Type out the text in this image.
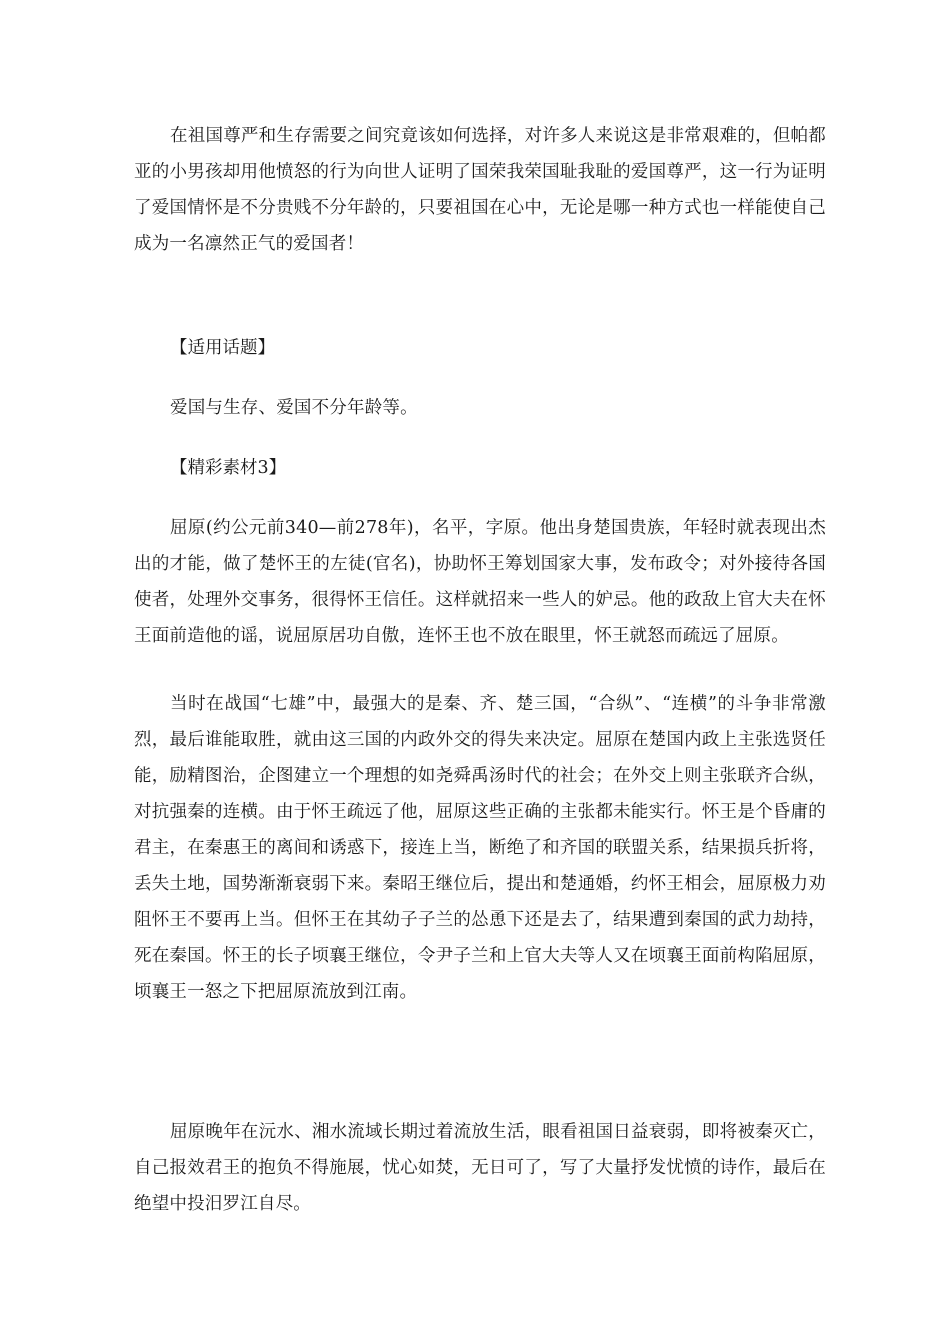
在祖国尊严和生存需要之间究竟该如何选择，对许多人来说这是非常艰难的，但帕都亚的小男孩却用他愤怒的行为向世人证明了国荣我荣国耻我耻的爱国尊严，这一行为证明了爱国情怀是不分贵贱不分年龄的，只要祖国在心中，无论是哪一种方式也一样能使自己成为一名凛然正气的爱国者！

【适用话题】

爱国与生存、爱国不分年龄等。

【精彩素材3】

屈原(约公元前340—前278年)，名平，字原。他出身楚国贵族，年轻时就表现出杰出的才能，做了楚怀王的左徒(官名)，协助怀王筹划国家大事，发布政令；对外接待各国使者，处理外交事务，很得怀王信任。这样就招来一些人的妒忌。他的政敌上官大夫在怀王面前造他的谣，说屈原居功自傲，连怀王也不放在眼里，怀王就怒而疏远了屈原。

当时在战国“七雄”中，最强大的是秦、齐、楚三国，“合纵”、“连横”的斗争非常激烈，最后谁能取胜，就由这三国的内政外交的得失来决定。屈原在楚国内政上主张选贤任能，励精图治，企图建立一个理想的如尧舜禹汤时代的社会；在外交上则主张联齐合纵，对抗强秦的连横。由于怀王疏远了他，屈原这些正确的主张都未能实行。怀王是个昏庸的君主，在秦惠王的离间和诱惑下，接连上当，断绝了和齐国的联盟关系，结果损兵折将，丢失土地，国势渐渐衰弱下来。秦昭王继位后，提出和楚通婚，约怀王相会，屈原极力劝阻怀王不要再上当。但怀王在其幼子子兰的怂恿下还是去了，结果遭到秦国的武力劫持，死在秦国。怀王的长子顷襄王继位，令尹子兰和上官大夫等人又在顷襄王面前构陷屈原，顷襄王一怒之下把屈原流放到江南。

屈原晚年在沅水、湘水流域长期过着流放生活，眼看祖国日益衰弱，即将被秦灭亡，自己报效君王的抱负不得施展，忧心如焚，无日可了，写了大量抒发忧愤的诗作，最后在绝望中投汨罗江自尽。
